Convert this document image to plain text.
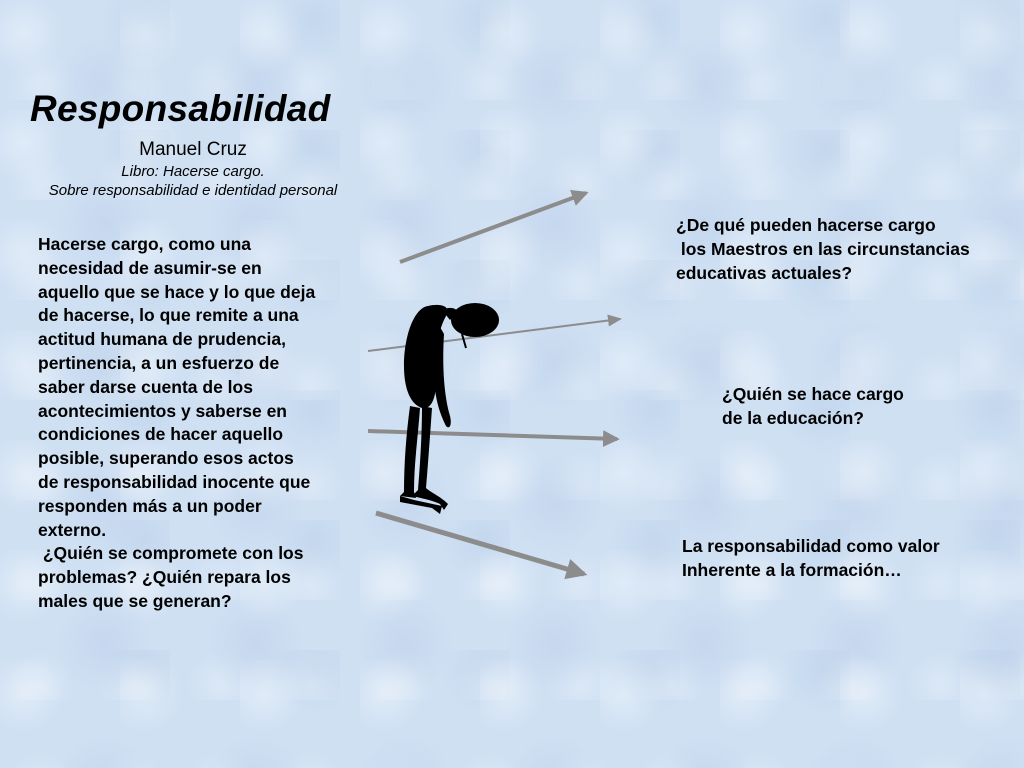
Responsabilidad
Manuel Cruz
Libro: Hacerse cargo.
Sobre responsabilidad e identidad personal
Hacerse cargo, como una
necesidad de asumir-se en
aquello que se hace y lo que deja
de hacerse, lo que remite a una
actitud humana de prudencia,
pertinencia, a un esfuerzo de
saber darse cuenta de los
acontecimientos y saberse en
condiciones de hacer aquello
posible, superando esos actos
de responsabilidad inocente que
responden más a un poder
externo.
¿Quién se compromete con los
problemas? ¿Quién repara los
males que se generan?
¿De qué pueden hacerse cargo
los Maestros en las circunstancias
educativas actuales?
¿Quién se hace cargo
de la educación?
La responsabilidad como valor
Inherente a la formación…
